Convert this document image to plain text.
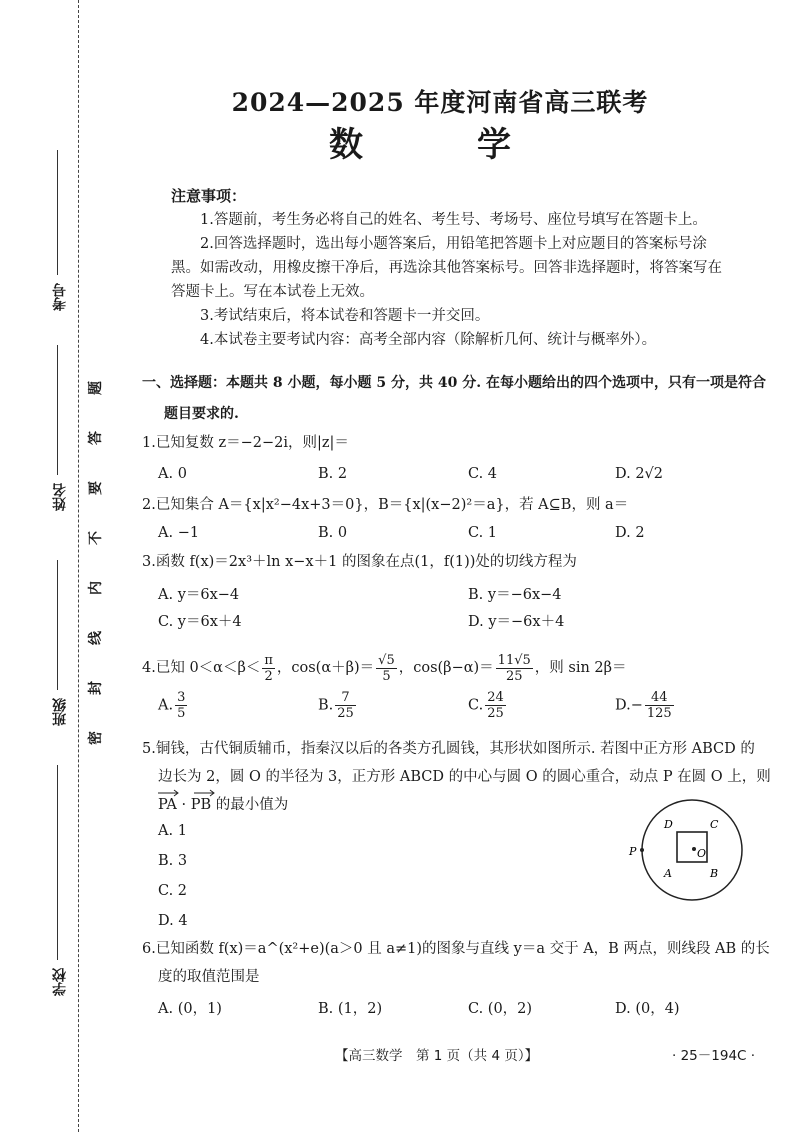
考号
姓名
班级
学校
题
答
要
不
内
线
封
密
2024—2025 年度河南省高三联考
数　学
注意事项：
1.答题前，考生务必将自己的姓名、考生号、考场号、座位号填写在答题卡上。
2.回答选择题时，选出每小题答案后，用铅笔把答题卡上对应题目的答案标号涂
黑。如需改动，用橡皮擦干净后，再选涂其他答案标号。回答非选择题时，将答案写在
答题卡上。写在本试卷上无效。
3.考试结束后，将本试卷和答题卡一并交回。
4.本试卷主要考试内容：高考全部内容（除解析几何、统计与概率外）。
一、选择题：本题共 8 小题，每小题 5 分，共 40 分. 在每小题给出的四个选项中，只有一项是符合
题目要求的.
1.已知复数 z＝−2−2i，则|z|＝
A. 0	B. 2	C. 4	D. 2√2
2.已知集合 A＝{x|x²−4x+3＝0}，B＝{x|(x−2)²＝a}，若 A⊆B，则 a＝
A. −1	B. 0	C. 1	D. 2
3.函数 f(x)＝2x³＋ln x−x＋1 的图象在点(1，f(1))处的切线方程为
A. y＝6x−4	B. y＝−6x−4
C. y＝6x＋4	D. y＝−6x＋4
4.已知 $0<\alpha<\beta< \frac{\pi}{2}$ ，$\cos(\alpha+\beta)= \frac{√5}{5}$ ，$\cos(\beta-\alpha)= \frac{11√5}{25}$ ，则 sin 2β＝
A. $\frac{3}{5}$	B. $\frac{7}{25}$	C. $\frac{24}{25}$	$D.- \frac{44}{125}$
5.铜钱，古代铜质辅币，指秦汉以后的各类方孔圆钱，其形状如图所示. 若图中正方形 ABCD 的
边长为 2，圆 O 的半径为 3，正方形 ABCD 的中心与圆 O 的圆心重合，动点 P 在圆 O 上，则
PA · PB 的最小值为
A. 1
B. 3
C. 2
D. 4
D	C
A	B
O
P
6.已知函数 f(x)＝a^(x²+e)(a＞0 且 a≠1)的图象与直线 y＝a 交于 A，B 两点，则线段 AB 的长
度的取值范围是
A. (0，1)	B. (1，2)	C. (0，2)	D. (0，4)
【高三数学　第 1 页（共 4 页）】	· 25－194C ·
